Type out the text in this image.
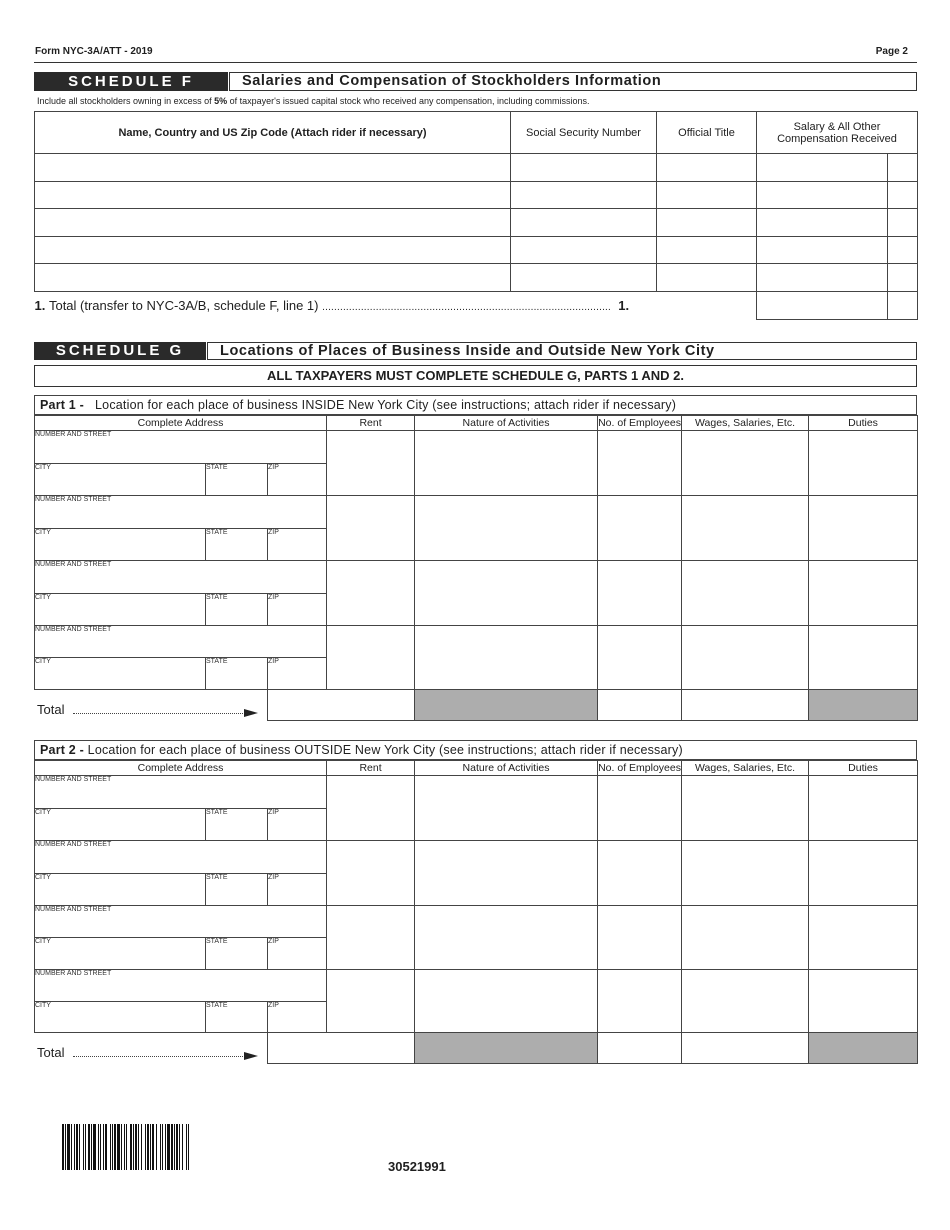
Form NYC-3A/ATT - 2019	Page 2
SCHEDULE F	Salaries and Compensation of Stockholders Information
Include all stockholders owning in excess of 5% of taxpayer's issued capital stock who received any compensation, including commissions.
Name, Country and US Zip Code (Attach rider if necessary)	Social Security Number	Official Title	Salary & All Other Compensation Received	

1. Total (transfer to NYC-3A/B, schedule F, line 1) ................................................................................................. 1.				
SCHEDULE G	Locations of Places of Business Inside and Outside New York City
ALL TAXPAYERS MUST COMPLETE SCHEDULE G, PARTS 1 AND 2.
Part 1 - Location for each place of business INSIDE New York City (see instructions; attach rider if necessary)
Complete Address			Rent	Nature of Activities	No. of Employees	Wages, Salaries, Etc.	Duties
NUMBER AND STREET							
CITY	STATE	ZIP					
NUMBER AND STREET							
CITY	STATE	ZIP					
NUMBER AND STREET							
CITY	STATE	ZIP					
NUMBER AND STREET							
CITY	STATE	ZIP					

Total
Part 2 - Location for each place of business OUTSIDE New York City (see instructions; attach rider if necessary)
Complete Address			Rent	Nature of Activities	No. of Employees	Wages, Salaries, Etc.	Duties
NUMBER AND STREET							
CITY	STATE	ZIP					
NUMBER AND STREET							
CITY	STATE	ZIP					
NUMBER AND STREET							
CITY	STATE	ZIP					
NUMBER AND STREET							
CITY	STATE	ZIP					

Total
30521991
